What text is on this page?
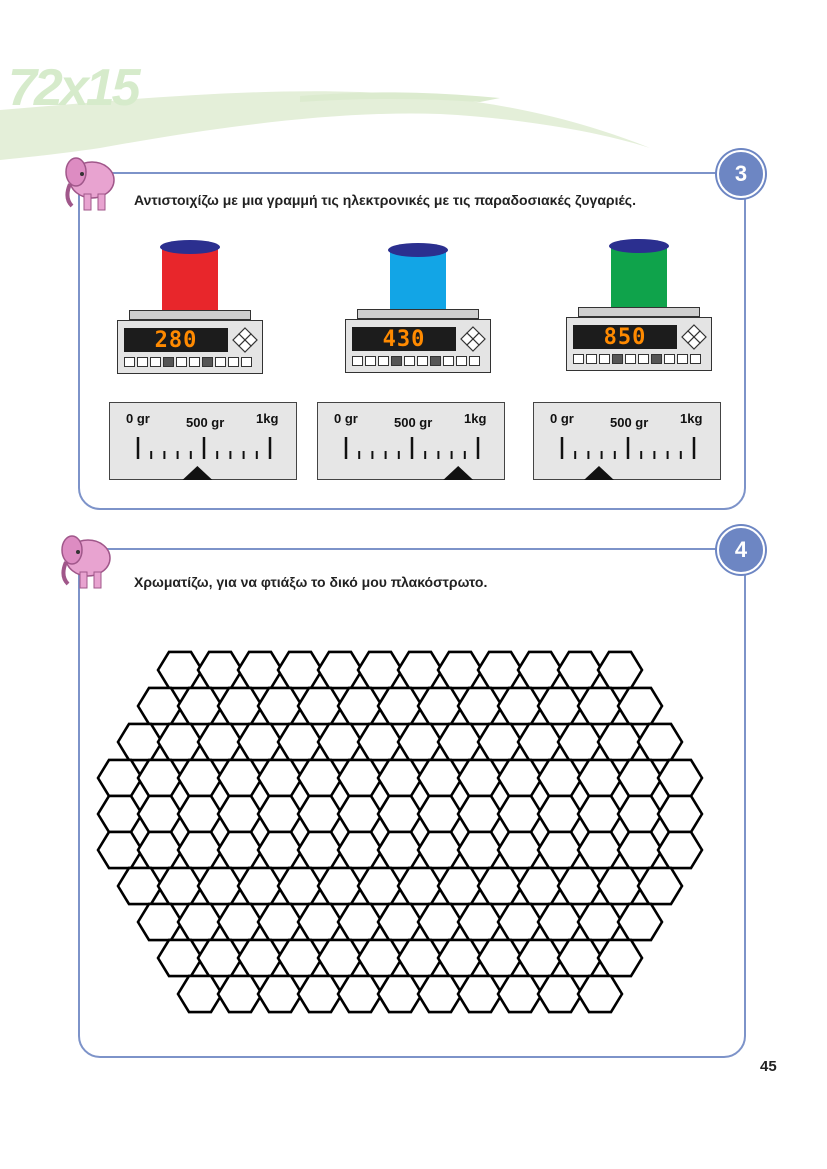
72x15
3
Αντιστοιχίζω με μια γραμμή τις ηλεκτρονικές με τις παραδοσιακές ζυγαριές.
280	430	850
0 gr	500 gr 1kg	0 gr	500 gr 1kg	0 gr	500 gr 1kg
4
Χρωματίζω, για να φτιάξω το δικό μου πλακόστρωτο.
45
